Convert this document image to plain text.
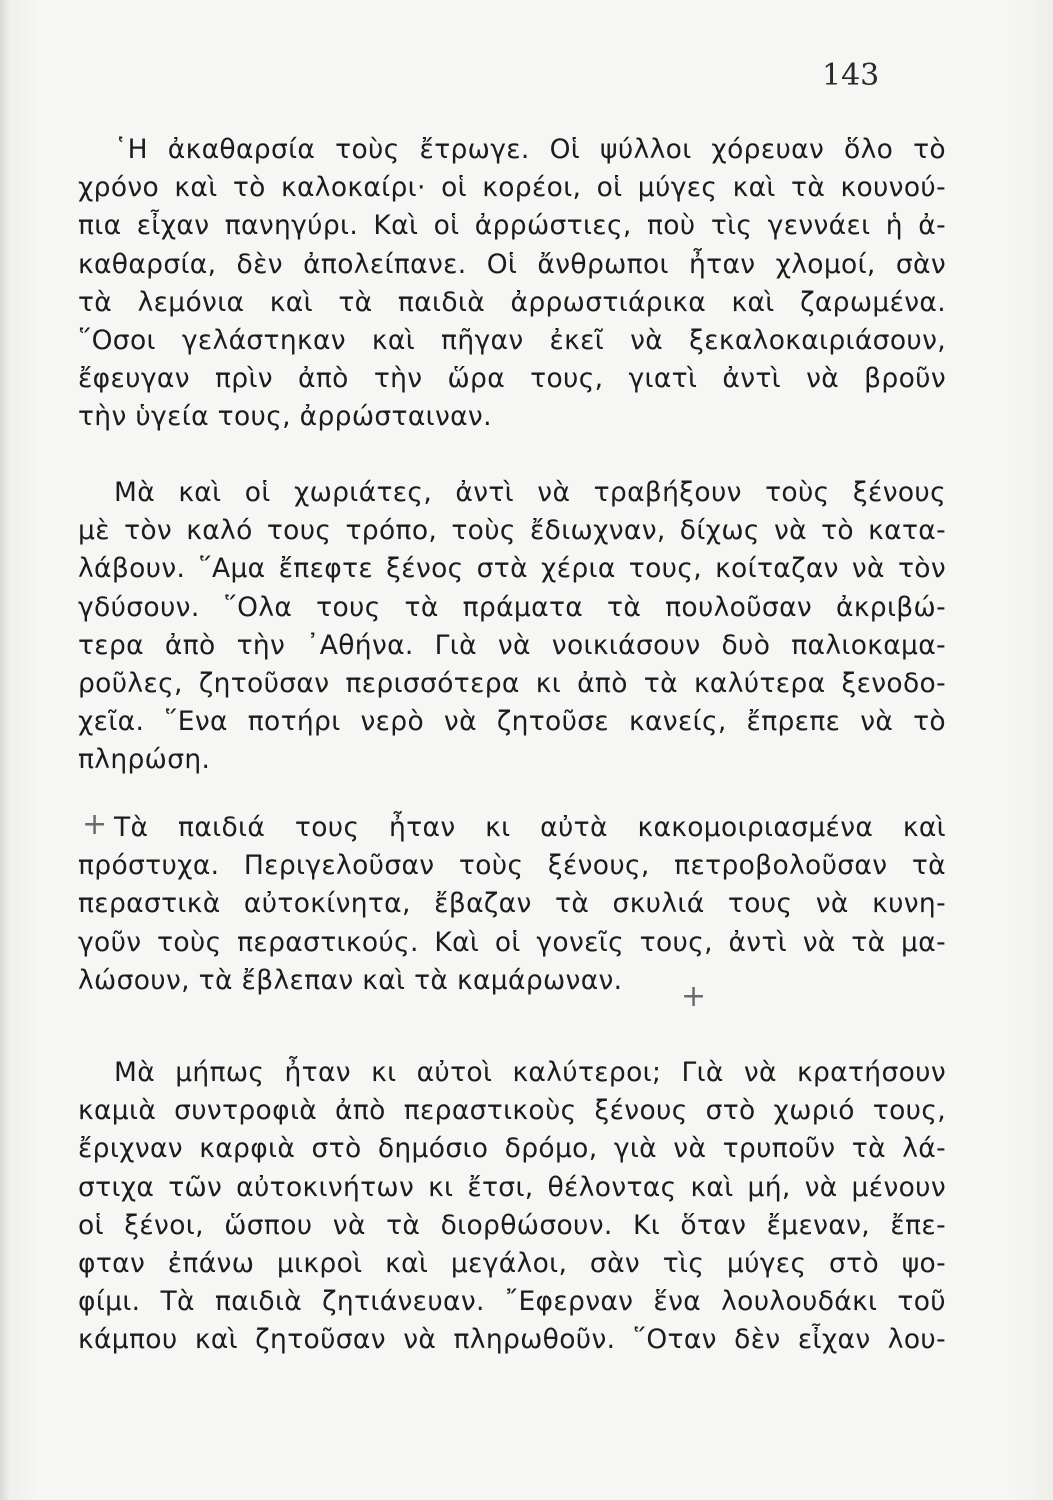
143
῾Η ἀκαθαρσία τοὺς ἔτρωγε. Οἱ ψύλλοι χόρευαν ὅλο τὸ
χρόνο καὶ τὸ καλοκαίρι· οἱ κορέοι, οἱ μύγες καὶ τὰ κουνού-
πια εἶχαν πανηγύρι. Καὶ οἱ ἀρρώστιες, ποὺ τὶς γεννάει ἡ ἀ-
καθαρσία, δὲν ἀπολείπανε. Οἱ ἄνθρωποι ἦταν χλομοί, σὰν
τὰ λεμόνια καὶ τὰ παιδιὰ ἀρρωστιάρικα καὶ ζαρωμένα.
῞Οσοι γελάστηκαν καὶ πῆγαν ἐκεῖ νὰ ξεκαλοκαιριάσουν,
ἔφευγαν πρὶν ἀπὸ τὴν ὥρα τους, γιατὶ ἀντὶ νὰ βροῦν
τὴν ὑγεία τους, ἀρρώσταιναν.
Μὰ καὶ οἱ χωριάτες, ἀντὶ νὰ τραβήξουν τοὺς ξένους
μὲ τὸν καλό τους τρόπο, τοὺς ἔδιωχναν, δίχως νὰ τὸ κατα-
λάβουν. ῞Αμα ἔπεφτε ξένος στὰ χέρια τους, κοίταζαν νὰ τὸν
γδύσουν. ῞Ολα τους τὰ πράματα τὰ πουλοῦσαν ἀκριβώ-
τερα ἀπὸ τὴν ᾿Αθήνα. Γιὰ νὰ νοικιάσουν δυὸ παλιοκαμα-
ροῦλες, ζητοῦσαν περισσότερα κι ἀπὸ τὰ καλύτερα ξενοδο-
χεῖα. ῞Ενα ποτήρι νερὸ νὰ ζητοῦσε κανείς, ἔπρεπε νὰ τὸ
πληρώση.
+ Τὰ παιδιά τους ἦταν κι αὐτὰ κακομοιριασμένα καὶ
πρόστυχα. Περιγελοῦσαν τοὺς ξένους, πετροβολοῦσαν τὰ
περαστικὰ αὐτοκίνητα, ἔβαζαν τὰ σκυλιά τους νὰ κυνη-
γοῦν τοὺς περαστικούς. Καὶ οἱ γονεῖς τους, ἀντὶ νὰ τὰ μα-
λώσουν, τὰ ἔβλεπαν καὶ τὰ καμάρωναν.	+
Μὰ μήπως ἦταν κι αὐτοὶ καλύτεροι; Γιὰ νὰ κρατήσουν
καμιὰ συντροφιὰ ἀπὸ περαστικοὺς ξένους στὸ χωριό τους,
ἔριχναν καρφιὰ στὸ δημόσιο δρόμο, γιὰ νὰ τρυποῦν τὰ λά-
στιχα τῶν αὐτοκινήτων κι ἔτσι, θέλοντας καὶ μή, νὰ μένουν
οἱ ξένοι, ὥσπου νὰ τὰ διορθώσουν. Κι ὅταν ἔμεναν, ἔπε-
φταν ἐπάνω μικροὶ καὶ μεγάλοι, σὰν τὶς μύγες στὸ ψο-
φίμι. Τὰ παιδιὰ ζητιάνευαν. ῎Εφερναν ἕνα λουλουδάκι τοῦ
κάμπου καὶ ζητοῦσαν νὰ πληρωθοῦν. ῞Οταν δὲν εἶχαν λου-
